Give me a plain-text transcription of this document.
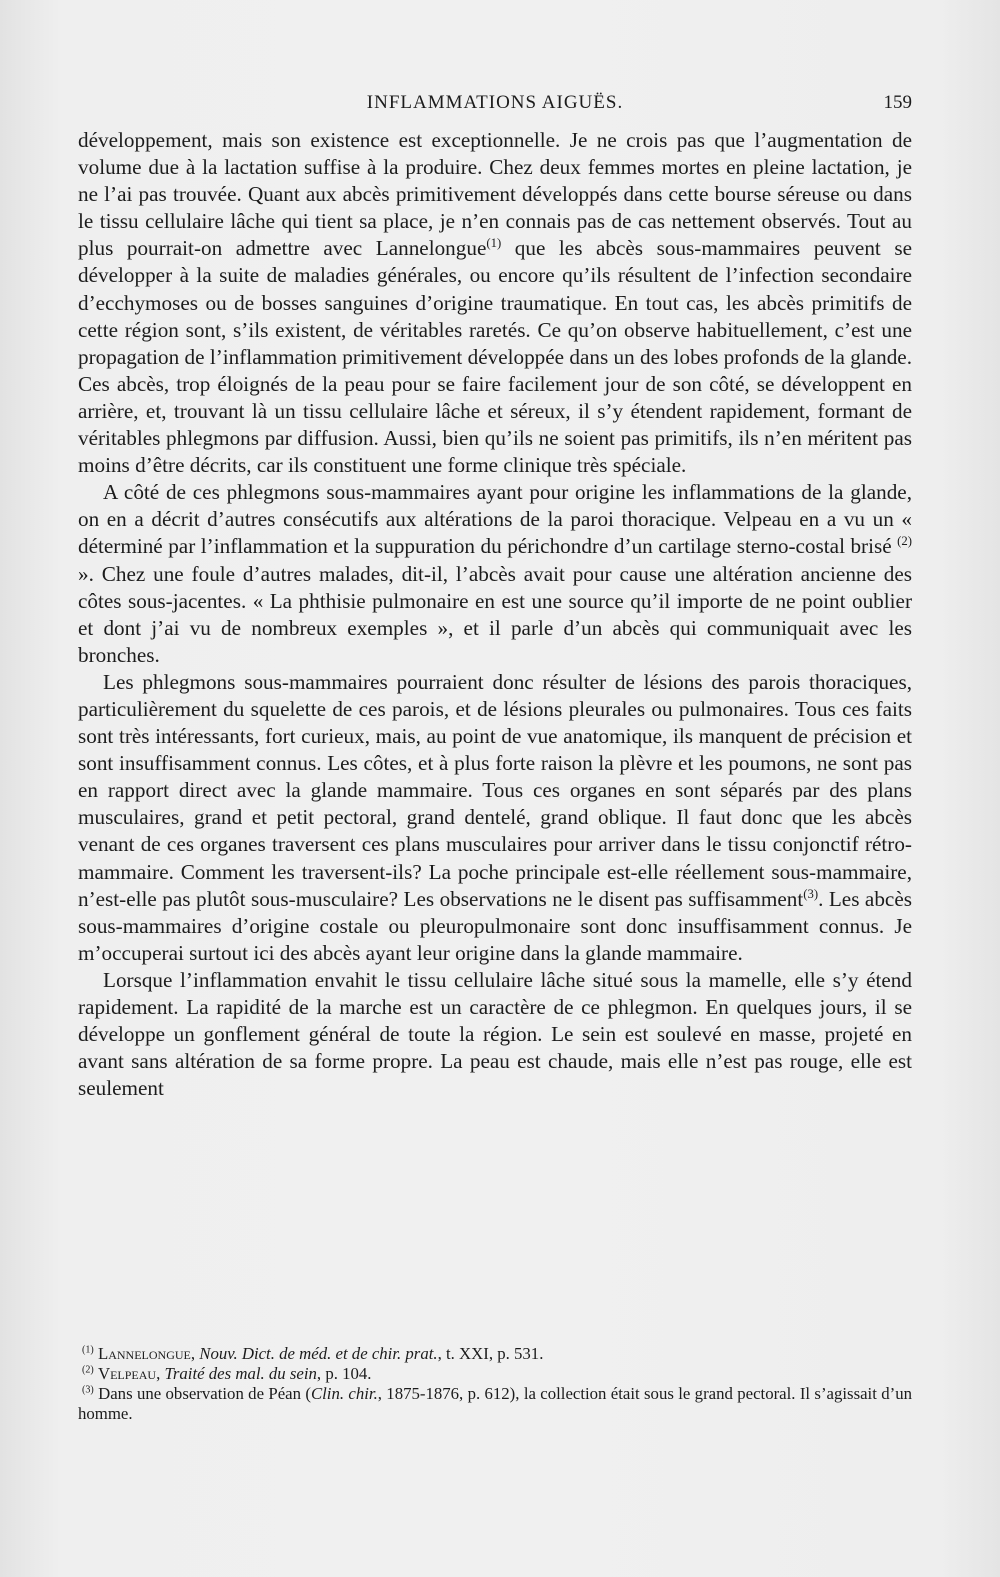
INFLAMMATIONS AIGUËS.	159

développement, mais son existence est exceptionnelle. Je ne crois pas que l’augmentation de volume due à la lactation suffise à la produire. Chez deux femmes mortes en pleine lactation, je ne l’ai pas trouvée. Quant aux abcès primitivement développés dans cette bourse séreuse ou dans le tissu cellulaire lâche qui tient sa place, je n’en connais pas de cas nettement observés. Tout au plus pourrait-on admettre avec Lannelongue$^{(1)}$ que les abcès sous-mammaires peuvent se développer à la suite de maladies générales, ou encore qu’ils résultent de l’infection secondaire d’ecchymoses ou de bosses sanguines d’origine traumatique. En tout cas, les abcès primitifs de cette région sont, s’ils existent, de véritables raretés. Ce qu’on observe habituellement, c’est une propagation de l’inflammation primitivement développée dans un des lobes profonds de la glande. Ces abcès, trop éloignés de la peau pour se faire facilement jour de son côté, se développent en arrière, et, trouvant là un tissu cellulaire lâche et séreux, il s’y étendent rapidement, formant de véritables phlegmons par diffusion. Aussi, bien qu’ils ne soient pas primitifs, ils n’en méritent pas moins d’être décrits, car ils constituent une forme clinique très spéciale.

A côté de ces phlegmons sous-mammaires ayant pour origine les inflammations de la glande, on en a décrit d’autres consécutifs aux altérations de la paroi thoracique. Velpeau en a vu un « déterminé par l’inflammation et la suppuration du périchondre d’un cartilage sterno-costal brisé $^{(2)}$ ». Chez une foule d’autres malades, dit-il, l’abcès avait pour cause une altération ancienne des côtes sous-jacentes. « La phthisie pulmonaire en est une source qu’il importe de ne point oublier et dont j’ai vu de nombreux exemples », et il parle d’un abcès qui communiquait avec les bronches.

Les phlegmons sous-mammaires pourraient donc résulter de lésions des parois thoraciques, particulièrement du squelette de ces parois, et de lésions pleurales ou pulmonaires. Tous ces faits sont très intéressants, fort curieux, mais, au point de vue anatomique, ils manquent de précision et sont insuffisamment connus. Les côtes, et à plus forte raison la plèvre et les poumons, ne sont pas en rapport direct avec la glande mammaire. Tous ces organes en sont séparés par des plans musculaires, grand et petit pectoral, grand dentelé, grand oblique. Il faut donc que les abcès venant de ces organes traversent ces plans musculaires pour arriver dans le tissu conjonctif rétro-mammaire. Comment les traversent-ils? La poche principale est-elle réellement sous-mammaire, n’est-elle pas plutôt sous-musculaire? Les observations ne le disent pas suffisamment$^{(3)}$. Les abcès sous-mammaires d’origine costale ou pleuropulmonaire sont donc insuffisamment connus. Je m’occuperai surtout ici des abcès ayant leur origine dans la glande mammaire.

Lorsque l’inflammation envahit le tissu cellulaire lâche situé sous la mamelle, elle s’y étend rapidement. La rapidité de la marche est un caractère de ce phlegmon. En quelques jours, il se développe un gonflement général de toute la région. Le sein est soulevé en masse, projeté en avant sans altération de sa forme propre. La peau est chaude, mais elle n’est pas rouge, elle est seulement

$^{(1)}$ Lannelongue, Nouv. Dict. de méd. et de chir. prat., t. XXI, p. 531.

$^{(2)}$ Velpeau, Traité des mal. du sein, p. 104.

$^{(3)}$ Dans une observation de Péan (Clin. chir., 1875-1876, p. 612), la collection était sous le grand pectoral. Il s’agissait d’un homme.
